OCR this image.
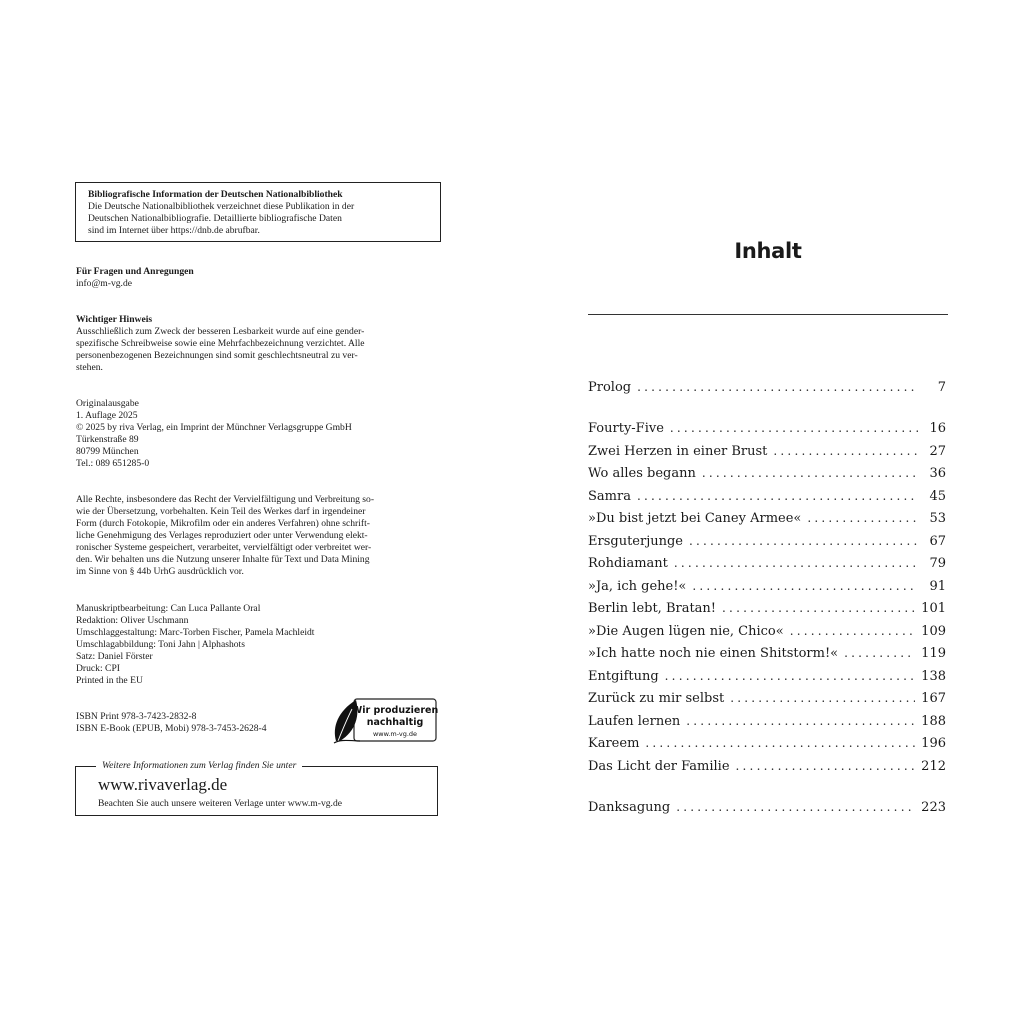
Bibliografische Information der Deutschen Nationalbibliothek
Die Deutsche Nationalbibliothek verzeichnet diese Publikation in der
Deutschen Nationalbibliografie. Detaillierte bibliografische Daten
sind im Internet über https://dnb.de abrufbar.
Für Fragen und Anregungen
info@m-vg.de
Wichtiger Hinweis
Ausschließlich zum Zweck der besseren Lesbarkeit wurde auf eine gender-
spezifische Schreibweise sowie eine Mehrfachbezeichnung verzichtet. Alle
personenbezogenen Bezeichnungen sind somit geschlechtsneutral zu ver-
stehen.
Originalausgabe
1. Auflage 2025
© 2025 by riva Verlag, ein Imprint der Münchner Verlagsgruppe GmbH
Türkenstraße 89
80799 München
Tel.: 089 651285-0
Alle Rechte, insbesondere das Recht der Vervielfältigung und Verbreitung so-
wie der Übersetzung, vorbehalten. Kein Teil des Werkes darf in irgendeiner
Form (durch Fotokopie, Mikrofilm oder ein anderes Verfahren) ohne schrift-
liche Genehmigung des Verlages reproduziert oder unter Verwendung elekt-
ronischer Systeme gespeichert, verarbeitet, vervielfältigt oder verbreitet wer-
den. Wir behalten uns die Nutzung unserer Inhalte für Text und Data Mining
im Sinne von § 44b UrhG ausdrücklich vor.
Manuskriptbearbeitung: Can Luca Pallante Oral
Redaktion: Oliver Uschmann
Umschlaggestaltung: Marc-Torben Fischer, Pamela Machleidt
Umschlagabbildung: Toni Jahn | Alphashots
Satz: Daniel Förster
Druck: CPI
Printed in the EU
ISBN Print 978-3-7423-2832-8
ISBN E-Book (EPUB, Mobi) 978-3-7453-2628-4
Wir produzieren
nachhaltig
www.m-vg.de
Weitere Informationen zum Verlag finden Sie unter
www.rivaverlag.de
Beachten Sie auch unsere weiteren Verlage unter www.m-vg.de
Inhalt
Prolog .....	7
Fourty-Five .....	16
Zwei Herzen in einer Brust .....	27
Wo alles begann .....	36
Samra .....	45
»Du bist jetzt bei Caney Armee« .....	53
Ersguterjunge .....	67
Rohdiamant .....	79
»Ja, ich gehe!« .....	91
Berlin lebt, Bratan! .....	101
»Die Augen lügen nie, Chico« .....	109
»Ich hatte noch nie einen Shitstorm!« .....	119
Entgiftung .....	138
Zurück zu mir selbst .....	167
Laufen lernen .....	188
Kareem .....	196
Das Licht der Familie .....	212
Danksagung .....	223
